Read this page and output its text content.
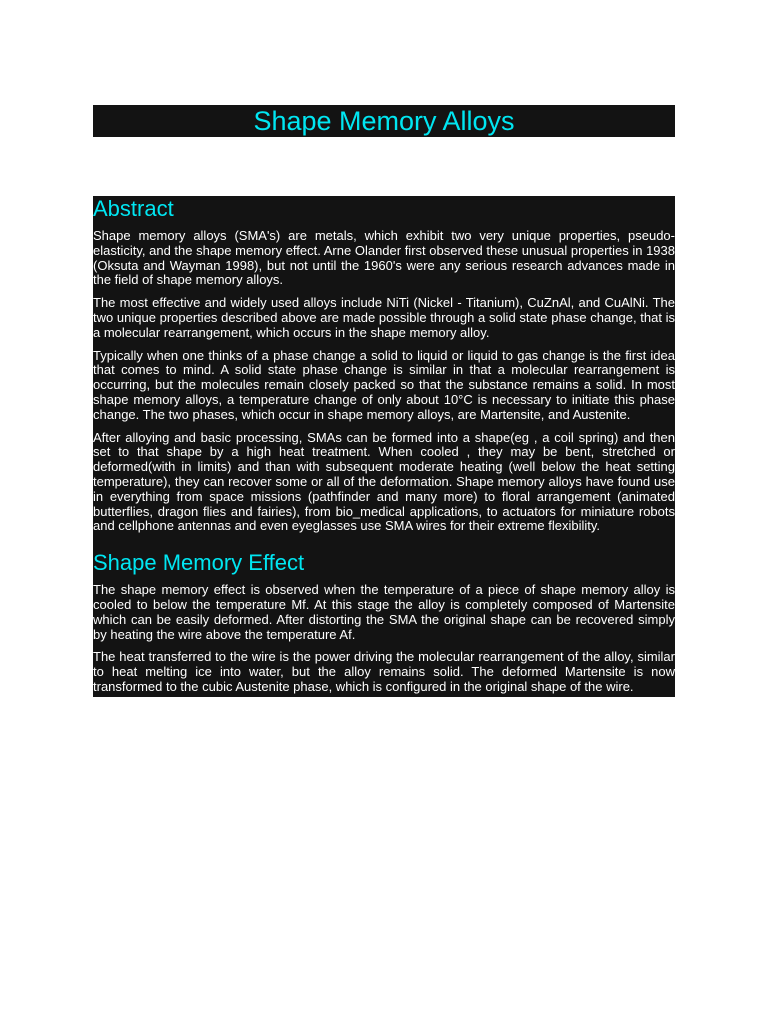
Shape Memory Alloys
Abstract

Shape memory alloys (SMA's) are metals, which exhibit two very unique properties, pseudo-elasticity, and the shape memory effect. Arne Olander first observed these unusual properties in 1938 (Oksuta and Wayman 1998), but not until the 1960's were any serious research advances made in the field of shape memory alloys.

The most effective and widely used alloys include NiTi (Nickel - Titanium), CuZnAl, and CuAlNi. The two unique properties described above are made possible through a solid state phase change, that is a molecular rearrangement, which occurs in the shape memory alloy.

Typically when one thinks of a phase change a solid to liquid or liquid to gas change is the first idea that comes to mind. A solid state phase change is similar in that a molecular rearrangement is occurring, but the molecules remain closely packed so that the substance remains a solid. In most shape memory alloys, a temperature change of only about 10°C is necessary to initiate this phase change. The two phases, which occur in shape memory alloys, are Martensite, and Austenite.

After alloying and basic processing, SMAs can be formed into a shape(eg , a coil spring) and then set to that shape by a high heat treatment. When cooled , they may be bent, stretched or deformed(with in limits) and than with subsequent moderate heating (well below the heat setting temperature), they can recover some or all of the deformation. Shape memory alloys have found use in everything from space missions (pathfinder and many more) to floral arrangement (animated butterflies, dragon flies and fairies), from bio_medical applications, to actuators for miniature robots and cellphone antennas and even eyeglasses use SMA wires for their extreme flexibility.

Shape Memory Effect

The shape memory effect is observed when the temperature of a piece of shape memory alloy is cooled to below the temperature Mf. At this stage the alloy is completely composed of Martensite which can be easily deformed. After distorting the SMA the original shape can be recovered simply by heating the wire above the temperature Af.

The heat transferred to the wire is the power driving the molecular rearrangement of the alloy, similar to heat melting ice into water, but the alloy remains solid. The deformed Martensite is now transformed to the cubic Austenite phase, which is configured in the original shape of the wire.
